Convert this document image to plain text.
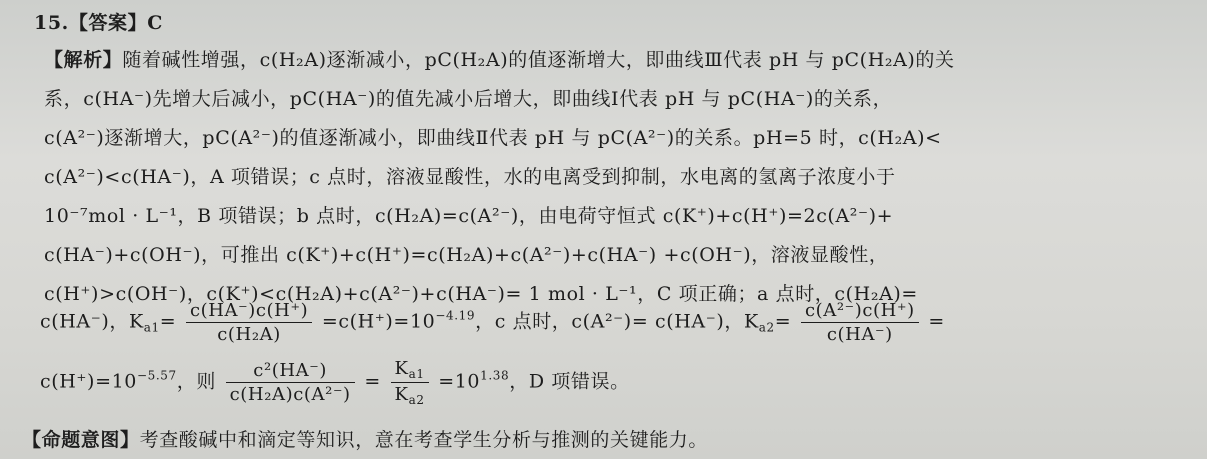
15.【答案】C
【解析】随着碱性增强，c(H₂A)逐渐减小，pC(H₂A)的值逐渐增大，即曲线Ⅲ代表 pH 与 pC(H₂A)的关
系，c(HA⁻)先增大后减小，pC(HA⁻)的值先减小后增大，即曲线Ⅰ代表 pH 与 pC(HA⁻)的关系，
c(A²⁻)逐渐增大，pC(A²⁻)的值逐渐减小，即曲线Ⅱ代表 pH 与 pC(A²⁻)的关系。pH=5 时，c(H₂A)<
c(A²⁻)<c(HA⁻)，A 项错误；c 点时，溶液显酸性，水的电离受到抑制，水电离的氢离子浓度小于
10⁻⁷mol · L⁻¹，B 项错误；b 点时，c(H₂A)=c(A²⁻)，由电荷守恒式 c(K⁺)+c(H⁺)=2c(A²⁻)+
c(HA⁻)+c(OH⁻)，可推出 c(K⁺)+c(H⁺)=c(H₂A)+c(A²⁻)+c(HA⁻) +c(OH⁻)，溶液显酸性，
c(H⁺)>c(OH⁻)，c(K⁺)<c(H₂A)+c(A²⁻)+c(HA⁻)= 1 mol · L⁻¹，C 项正确；a 点时，c(H₂A)=
c(HA⁻)，$K_{a1}= \frac{c(HA^-)c(H^+)}{\text{c(H₂A)}} =c(H^+)=10^{-4.19}$，c 点时，c(A²⁻)= c(HA⁻)，$K_{a2}= \frac{\text{c(A²⁻)c(H⁺)}}{c(HA^-)}$ =
$c(H^+)=10^{-5.57}$，则 $\frac{\text{c²(HA⁻)}}{\text{c(H₂A)c(A²⁻)}} = \frac{K_{a1}}{K_{a2}} =10^{1.38}$，D 项错误。
【命题意图】考查酸碱中和滴定等知识，意在考查学生分析与推测的关键能力。
